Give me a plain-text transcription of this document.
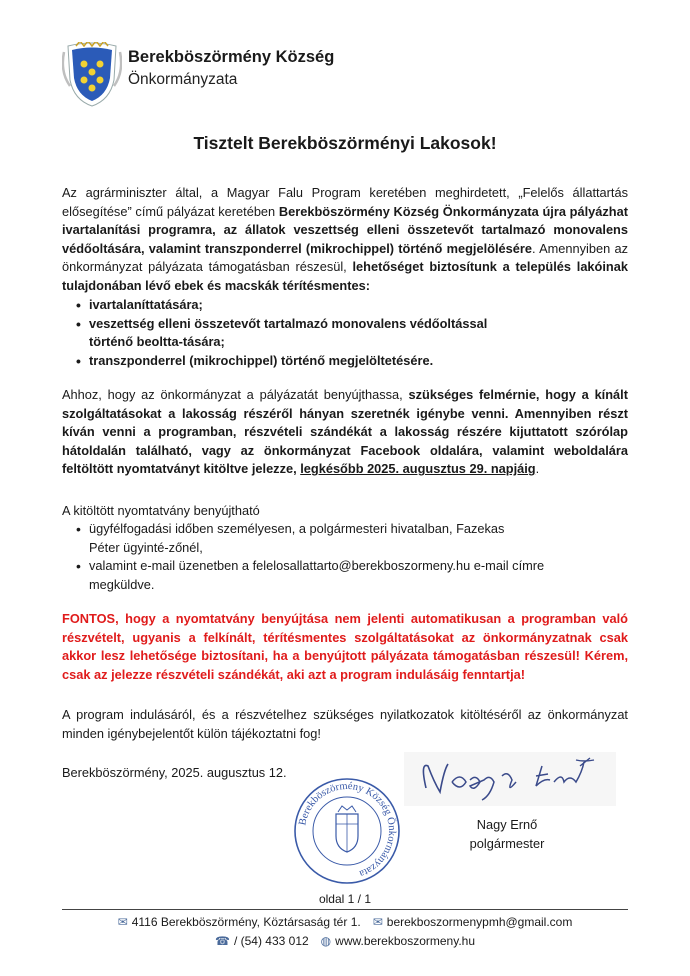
Berekböszörmény Község
Önkormányzata
Tisztelt Berekböszörményi Lakosok!

Az agrárminiszter által, a Magyar Falu Program keretében meghirdetett, „Felelős állattartás elősegítése” című pályázat keretében Berekböszörmény Község Önkormányzata újra pályázhat ivartalanítási programra, az állatok veszettség elleni összetevőt tartalmazó monovalens védőoltására, valamint transzponderrel (mikrochippel) történő megjelölésére. Amennyiben az önkormányzat pályázata támogatásban részesül, lehetőséget biztosítunk a település lakóinak tulajdonában lévő ebek és macskák térítésmentes:

• ivartalaníttatására;
• veszettség elleni összetevőt tartalmazó monovalens védőoltással történő beoltta-tására;
• transzponderrel (mikrochippel) történő megjelöltetésére.

Ahhoz, hogy az önkormányzat a pályázatát benyújthassa, szükséges felmérnie, hogy a kínált szolgáltatásokat a lakosság részéről hányan szeretnék igénybe venni. Amennyiben részt kíván venni a programban, részvételi szándékát a lakosság részére kijuttatott szórólap hátoldalán található, vagy az önkormányzat Facebook oldalára, valamint weboldalára feltöltött nyomtatványt kitöltve jelezze, legkésőbb 2025. augusztus 29. napjáig.

A kitöltött nyomtatvány benyújtható

• ügyfélfogadási időben személyesen, a polgármesteri hivatalban, Fazekas Péter ügyinté-zőnél,
• valamint e-mail üzenetben a felelosallattarto@berekboszormeny.hu e-mail címre megküldve.

FONTOS, hogy a nyomtatvány benyújtása nem jelenti automatikusan a programban való részvételt, ugyanis a felkínált, térítésmentes szolgáltatásokat az önkormányzatnak csak akkor lesz lehetősége biztosítani, ha a benyújtott pályázata támogatásban részesül! Kérem, csak az jelezze részvételi szándékát, aki azt a program indulásáig fenntartja!

A program indulásáról, és a részvételhez szükséges nyilatkozatok kitöltéséről az önkormányzat minden igénybejelentőt külön tájékoztatni fog!

Berekböszörmény, 2025. augusztus 12.
Berekböszörmény Község Önkormányzata
Nagy Ernő
polgármester
oldal 1 / 1
✉ 4116 Berekböszörmény, Köztársaság tér 1. ✉ berekboszormenypmh@gmail.com
☎ / (54) 433 012 ◍ www.berekboszormeny.hu
